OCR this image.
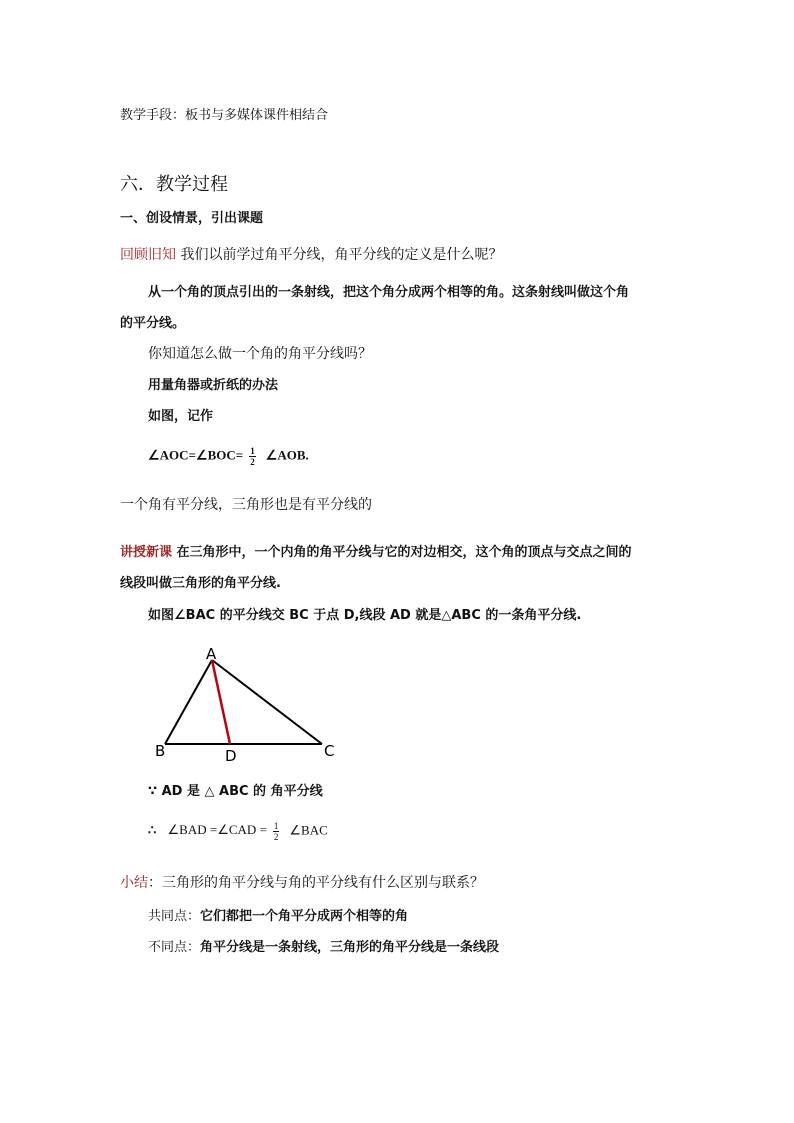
教学手段：板书与多媒体课件相结合
六．教学过程
一、创设情景，引出课题
回顾旧知 我们以前学过角平分线，角平分线的定义是什么呢？
从一个角的顶点引出的一条射线，把这个角分成两个相等的角。这条射线叫做这个角
的平分线。
你知道怎么做一个角的角平分线吗？
用量角器或折纸的办法
如图，记作
∠AOC=∠BOC= $\frac{1}{2}$ ∠AOB.
一个角有平分线，三角形也是有平分线的
讲授新课 在三角形中，一个内角的角平分线与它的对边相交，这个角的顶点与交点之间的
线段叫做三角形的角平分线.
如图∠BAC 的平分线交 BC 于点 D,线段 AD 就是△ABC 的一条角平分线.
A
B	C
D
∵ AD 是 △ ABC 的 角平分线
∴ ∠BAD =∠CAD = $\frac{1}{2}$ ∠BAC
小结：三角形的角平分线与角的平分线有什么区别与联系？
共同点：它们都把一个角平分成两个相等的角
不同点：角平分线是一条射线，三角形的角平分线是一条线段
